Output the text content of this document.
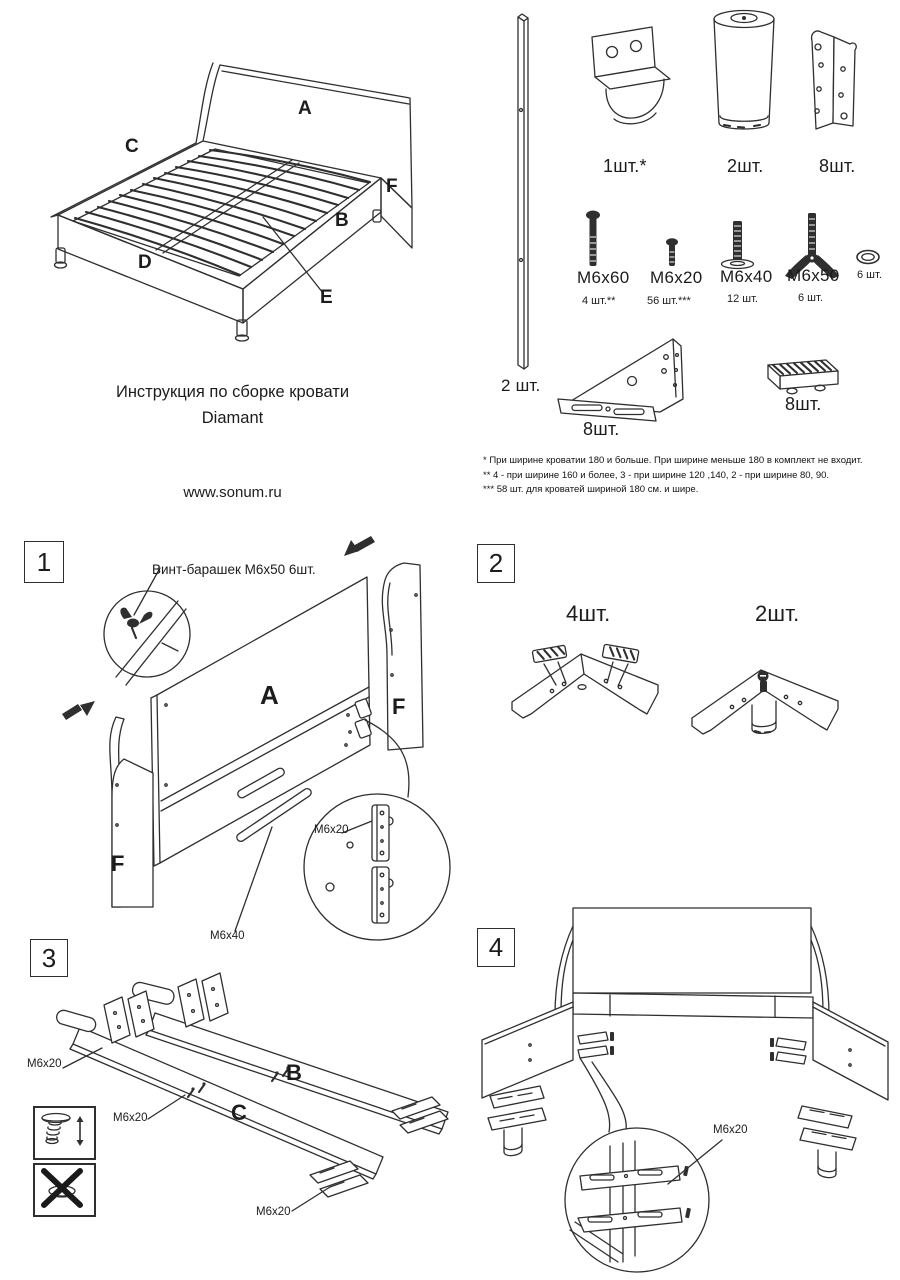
A
C
F
B
D
E
Инструкция по сборке кровати
Diamant
www.sonum.ru
2 шт.
1шт.*	2шт.	8шт.
М6х60
4 шт.**
М6х20
56 шт.***
М6х40
12 шт.
М6х50
6 шт.
6 шт.
8шт.
8шт.
* При ширине кроватии 180 и больше. При ширине меньше 180 в комплект не входит.
** 4 - при ширине 160 и более, 3 - при ширине 120 ,140, 2 - при ширине 80, 90.
*** 58 шт. для кроватей шириной 180 см. и шире.
1	Винт-барашек М6х50 6шт.
A	F
F
M6x20
M6x40
2
4шт.	2шт.
3
M6x20
M6x20
M6x20
B
C
4
M6x20
